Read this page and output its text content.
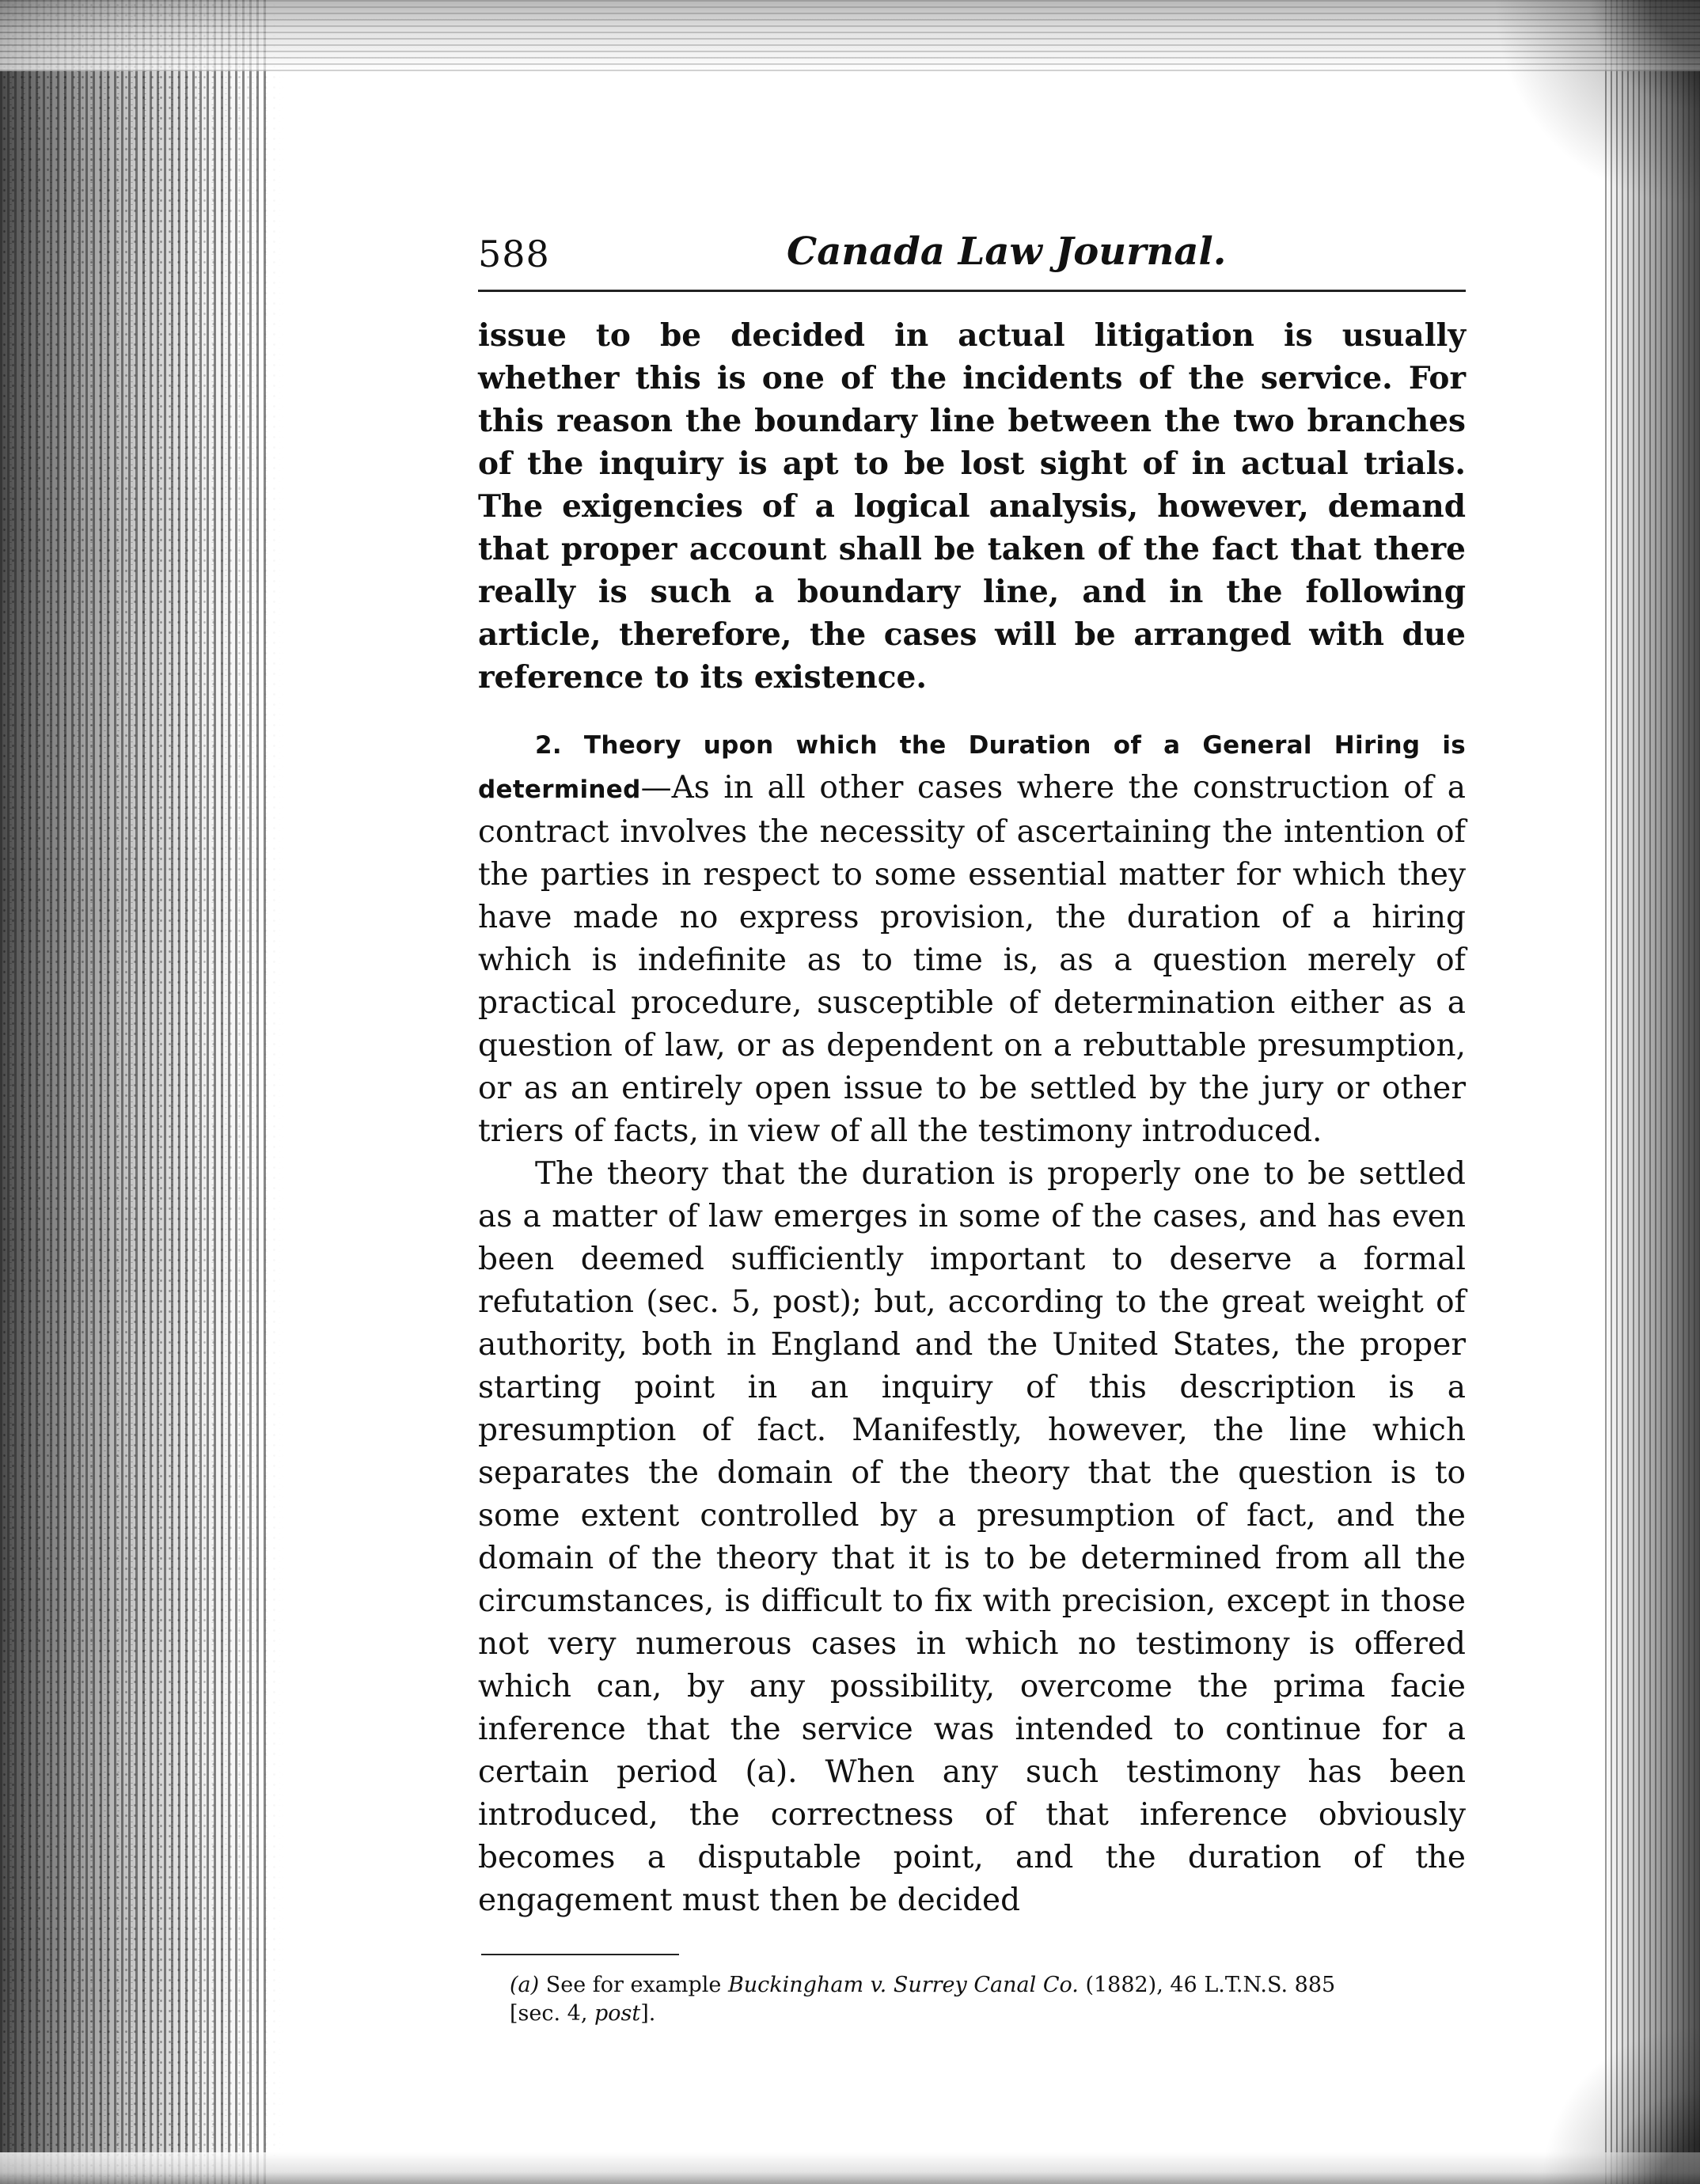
588	Canada Law Journal.

issue to be decided in actual litigation is usually whether this is one of the incidents of the service. For this reason the boundary line between the two branches of the inquiry is apt to be lost sight of in actual trials. The exigencies of a logical analysis, however, demand that proper account shall be taken of the fact that there really is such a boundary line, and in the following article, therefore, the cases will be arranged with due reference to its existence.

2. Theory upon which the Duration of a General Hiring is determined—As in all other cases where the construction of a contract involves the necessity of ascertaining the intention of the parties in respect to some essential matter for which they have made no express provision, the duration of a hiring which is indefinite as to time is, as a question merely of practical procedure, susceptible of determination either as a question of law, or as dependent on a rebuttable presumption, or as an entirely open issue to be settled by the jury or other triers of facts, in view of all the testimony introduced.

The theory that the duration is properly one to be settled as a matter of law emerges in some of the cases, and has even been deemed sufficiently important to deserve a formal refutation (sec. 5, post); but, according to the great weight of authority, both in England and the United States, the proper starting point in an inquiry of this description is a presumption of fact. Manifestly, however, the line which separates the domain of the theory that the question is to some extent controlled by a presumption of fact, and the domain of the theory that it is to be determined from all the circumstances, is difficult to fix with precision, except in those not very numerous cases in which no testimony is offered which can, by any possibility, overcome the prima facie inference that the service was intended to continue for a certain period (a). When any such testimony has been introduced, the correctness of that inference obviously becomes a disputable point, and the duration of the engagement must then be decided

(a) See for example Buckingham v. Surrey Canal Co. (1882), 46 L.T.N.S. 885
[sec. 4, post].
